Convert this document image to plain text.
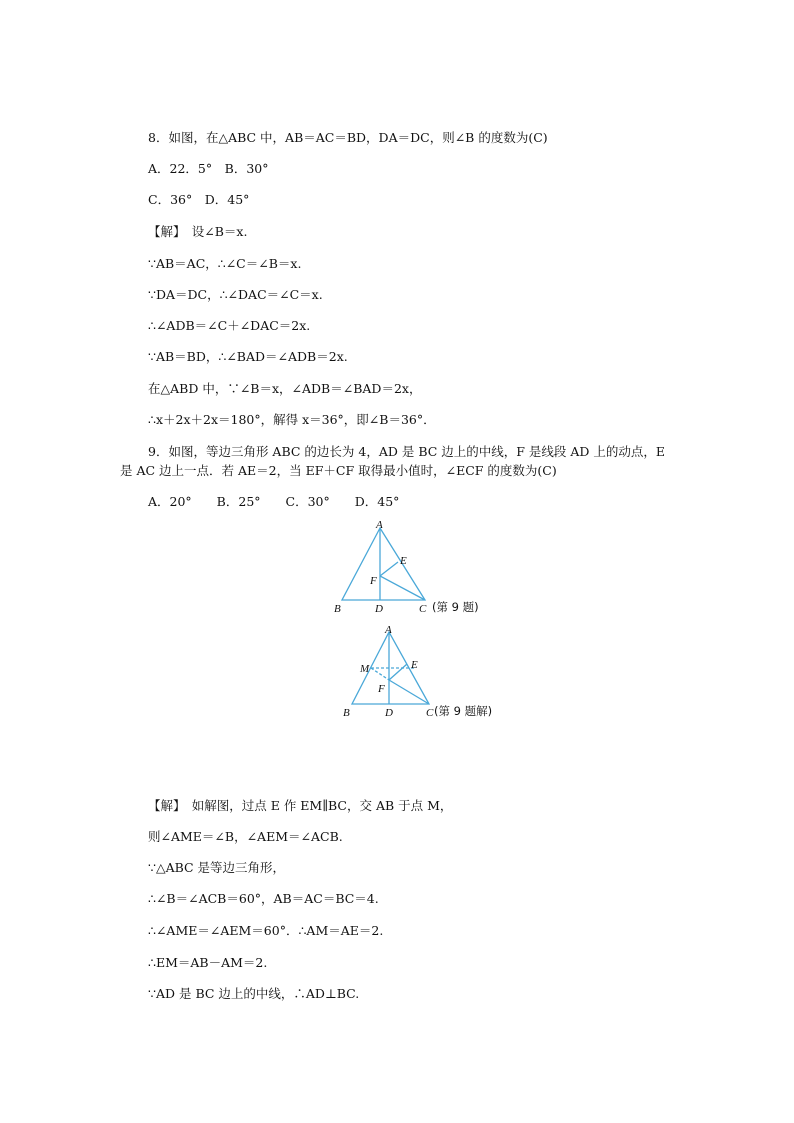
8．如图，在△ABC 中，AB＝AC＝BD，DA＝DC，则∠B 的度数为(C)
A．22．5°　B．30°
C．36°　D．45°
【解】　设∠B＝x.
∵AB＝AC，∴∠C＝∠B＝x.
∵DA＝DC，∴∠DAC＝∠C＝x.
∴∠ADB＝∠C＋∠DAC＝2x.
∵AB＝BD，∴∠BAD＝∠ADB＝2x.
在△ABD 中，∵∠B＝x，∠ADB＝∠BAD＝2x，
∴x＋2x＋2x＝180°，解得 x＝36°，即∠B＝36°．
9．如图，等边三角形 ABC 的边长为 4，AD 是 BC 边上的中线，F 是线段 AD 上的动点，E
是 AC 边上一点．若 AE＝2，当 EF＋CF 取得最小值时，∠ECF 的度数为(C)
A．20°　　B．25°　　C．30°　　D．45°
A
B	D	C
E
F
(第 9 题)
A
M	E
F
B	D	C (第 9 题解)
【解】　如解图，过点 E 作 EM∥BC，交 AB 于点 M，
则∠AME＝∠B，∠AEM＝∠ACB.
∵△ABC 是等边三角形，
∴∠B＝∠ACB＝60°，AB＝AC＝BC＝4.
∴∠AME＝∠AEM＝60°．∴AM＝AE＝2.
∴EM＝AB－AM＝2.
∵AD 是 BC 边上的中线，∴AD⊥BC.
